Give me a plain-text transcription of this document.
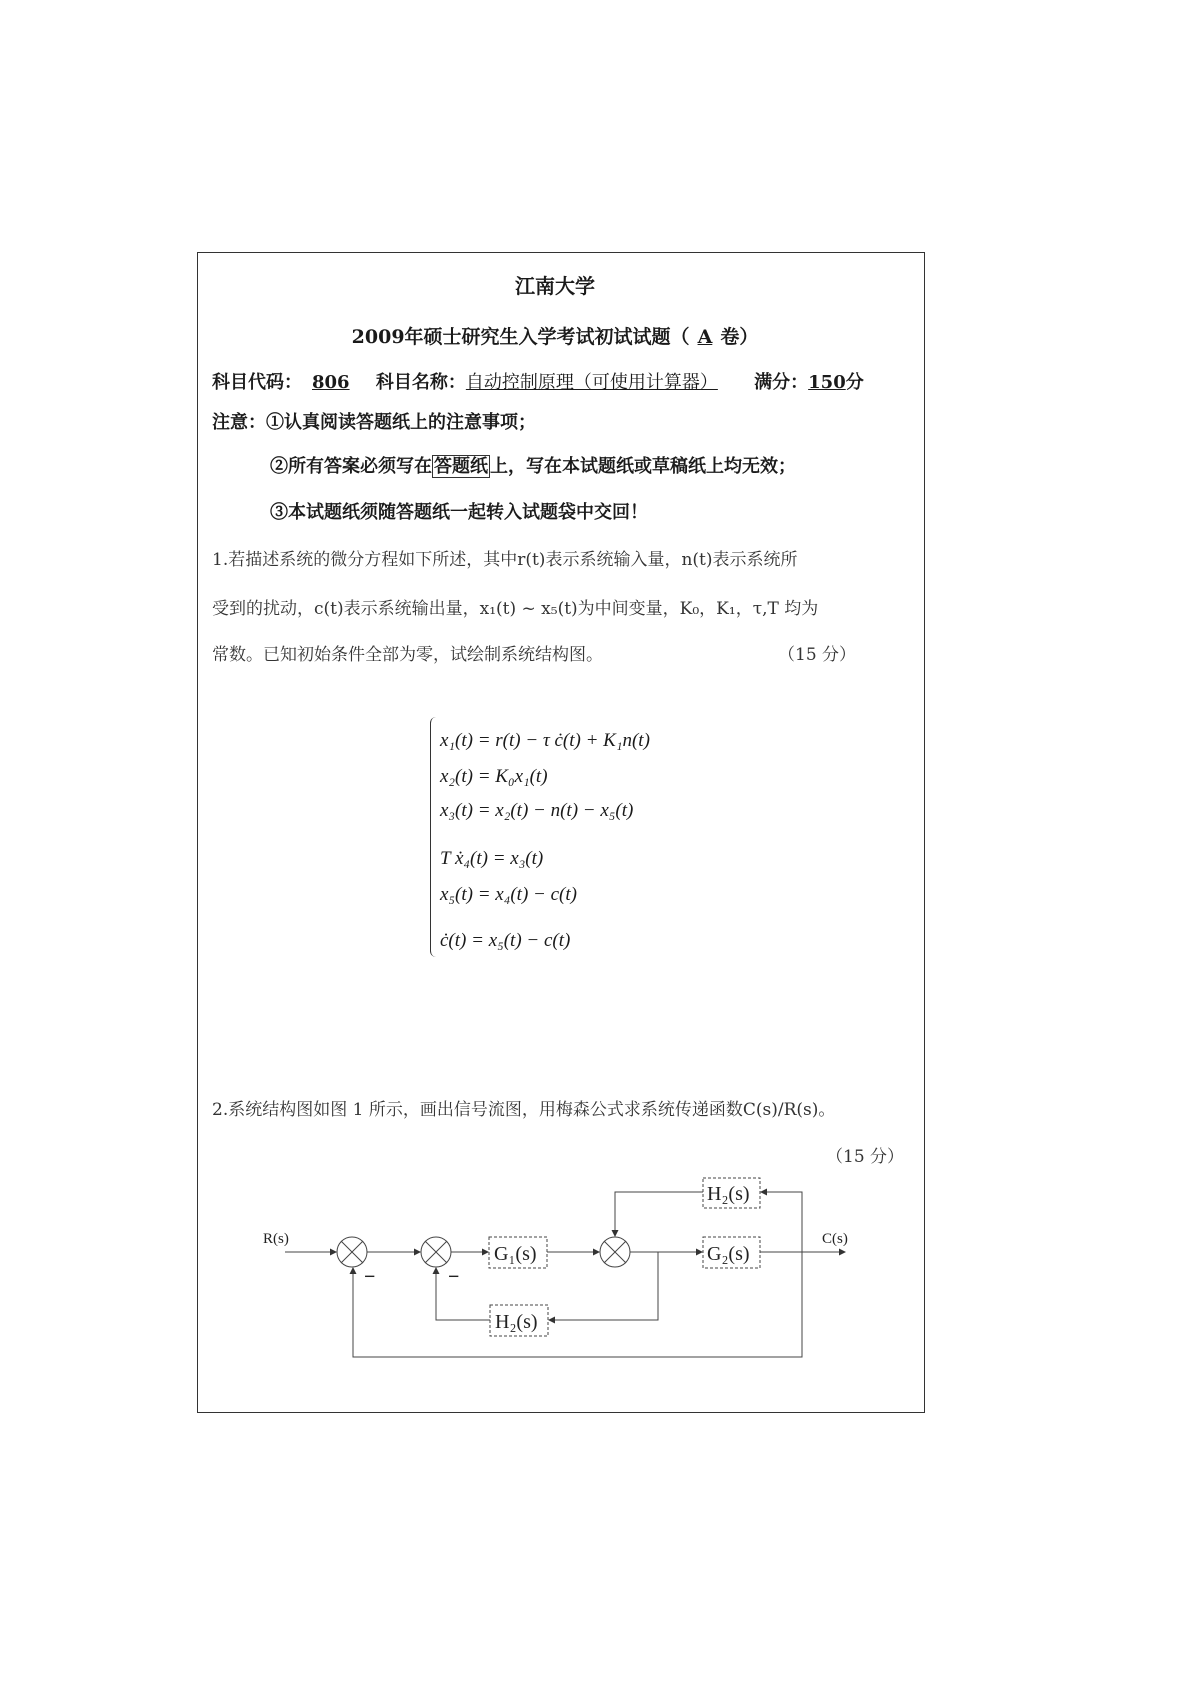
江南大学
2009年硕士研究生入学考试初试试题（ A 卷）
科目代码： 806 科目名称：自动控制原理（可使用计算器） 满分：150分
注意：①认真阅读答题纸上的注意事项；
②所有答案必须写在 答题纸 上，写在本试题纸或草稿纸上均无效；
③本试题纸须随答题纸一起转入试题袋中交回！
1.若描述系统的微分方程如下所述，其中r(t)表示系统输入量，n(t)表示系统所
受到的扰动，c(t)表示系统输出量，x₁(t) ~ x₅(t)为中间变量，K₀，K₁，τ,T 均为
常数。已知初始条件全部为零，试绘制系统结构图。	（15 分）
x₁(t) = r(t) − τ ċ(t) + K₁n(t)
x₂(t) = K₀x₁(t)
x₃(t) = x₂(t) − n(t) − x₅(t)
T ẋ₄(t) = x₃(t)
x₅(t) = x₄(t) − c(t)
ċ(t) = x₅(t) − c(t)
2.系统结构图如图 1 所示，画出信号流图，用梅森公式求系统传递函数C(s)/R(s)。
（15 分）
R(s)	C(s)
G₁(s)	G₂(s)
H₂(s)
H₂(s)
−	−
